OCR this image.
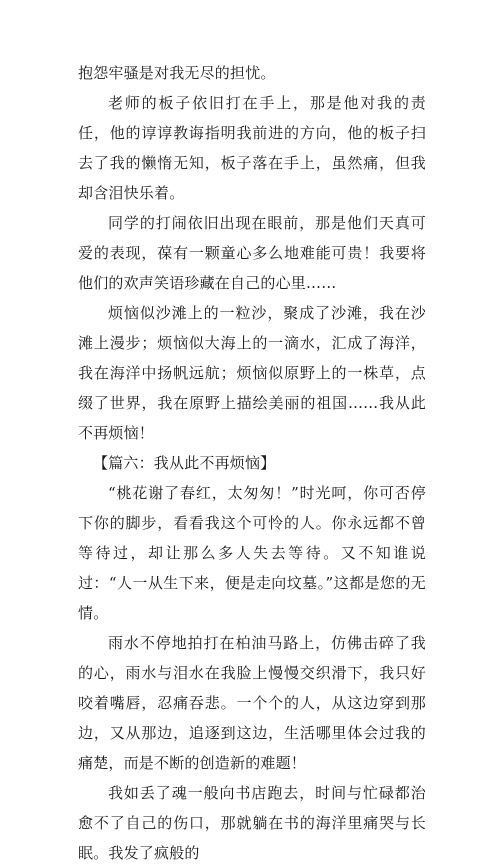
抱怨牢骚是对我无尽的担忧。

老师的板子依旧打在手上，那是他对我的责任，他的谆谆教诲指明我前进的方向，他的板子扫去了我的懒惰无知，板子落在手上，虽然痛，但我却含泪快乐着。

同学的打闹依旧出现在眼前，那是他们天真可爱的表现，葆有一颗童心多么地难能可贵！我要将他们的欢声笑语珍藏在自己的心里……

烦恼似沙滩上的一粒沙，聚成了沙滩，我在沙滩上漫步；烦恼似大海上的一滴水，汇成了海洋，我在海洋中扬帆远航；烦恼似原野上的一株草，点缀了世界，我在原野上描绘美丽的祖国……我从此不再烦恼！

【篇六：我从此不再烦恼】

“桃花谢了春红，太匆匆！”时光呵，你可否停下你的脚步，看看我这个可怜的人。你永远都不曾等待过，却让那么多人失去等待。又不知谁说过：“人一从生下来，便是走向坟墓。”这都是您的无情。

雨水不停地拍打在柏油马路上，仿佛击碎了我的心，雨水与泪水在我脸上慢慢交织滑下，我只好咬着嘴唇，忍痛吞悲。一个个的人，从这边穿到那边，又从那边，追逐到这边，生活哪里体会过我的痛楚，而是不断的创造新的难题！

我如丢了魂一般向书店跑去，时间与忙碌都治愈不了自己的伤口，那就躺在书的海洋里痛哭与长眠。我发了疯般的
